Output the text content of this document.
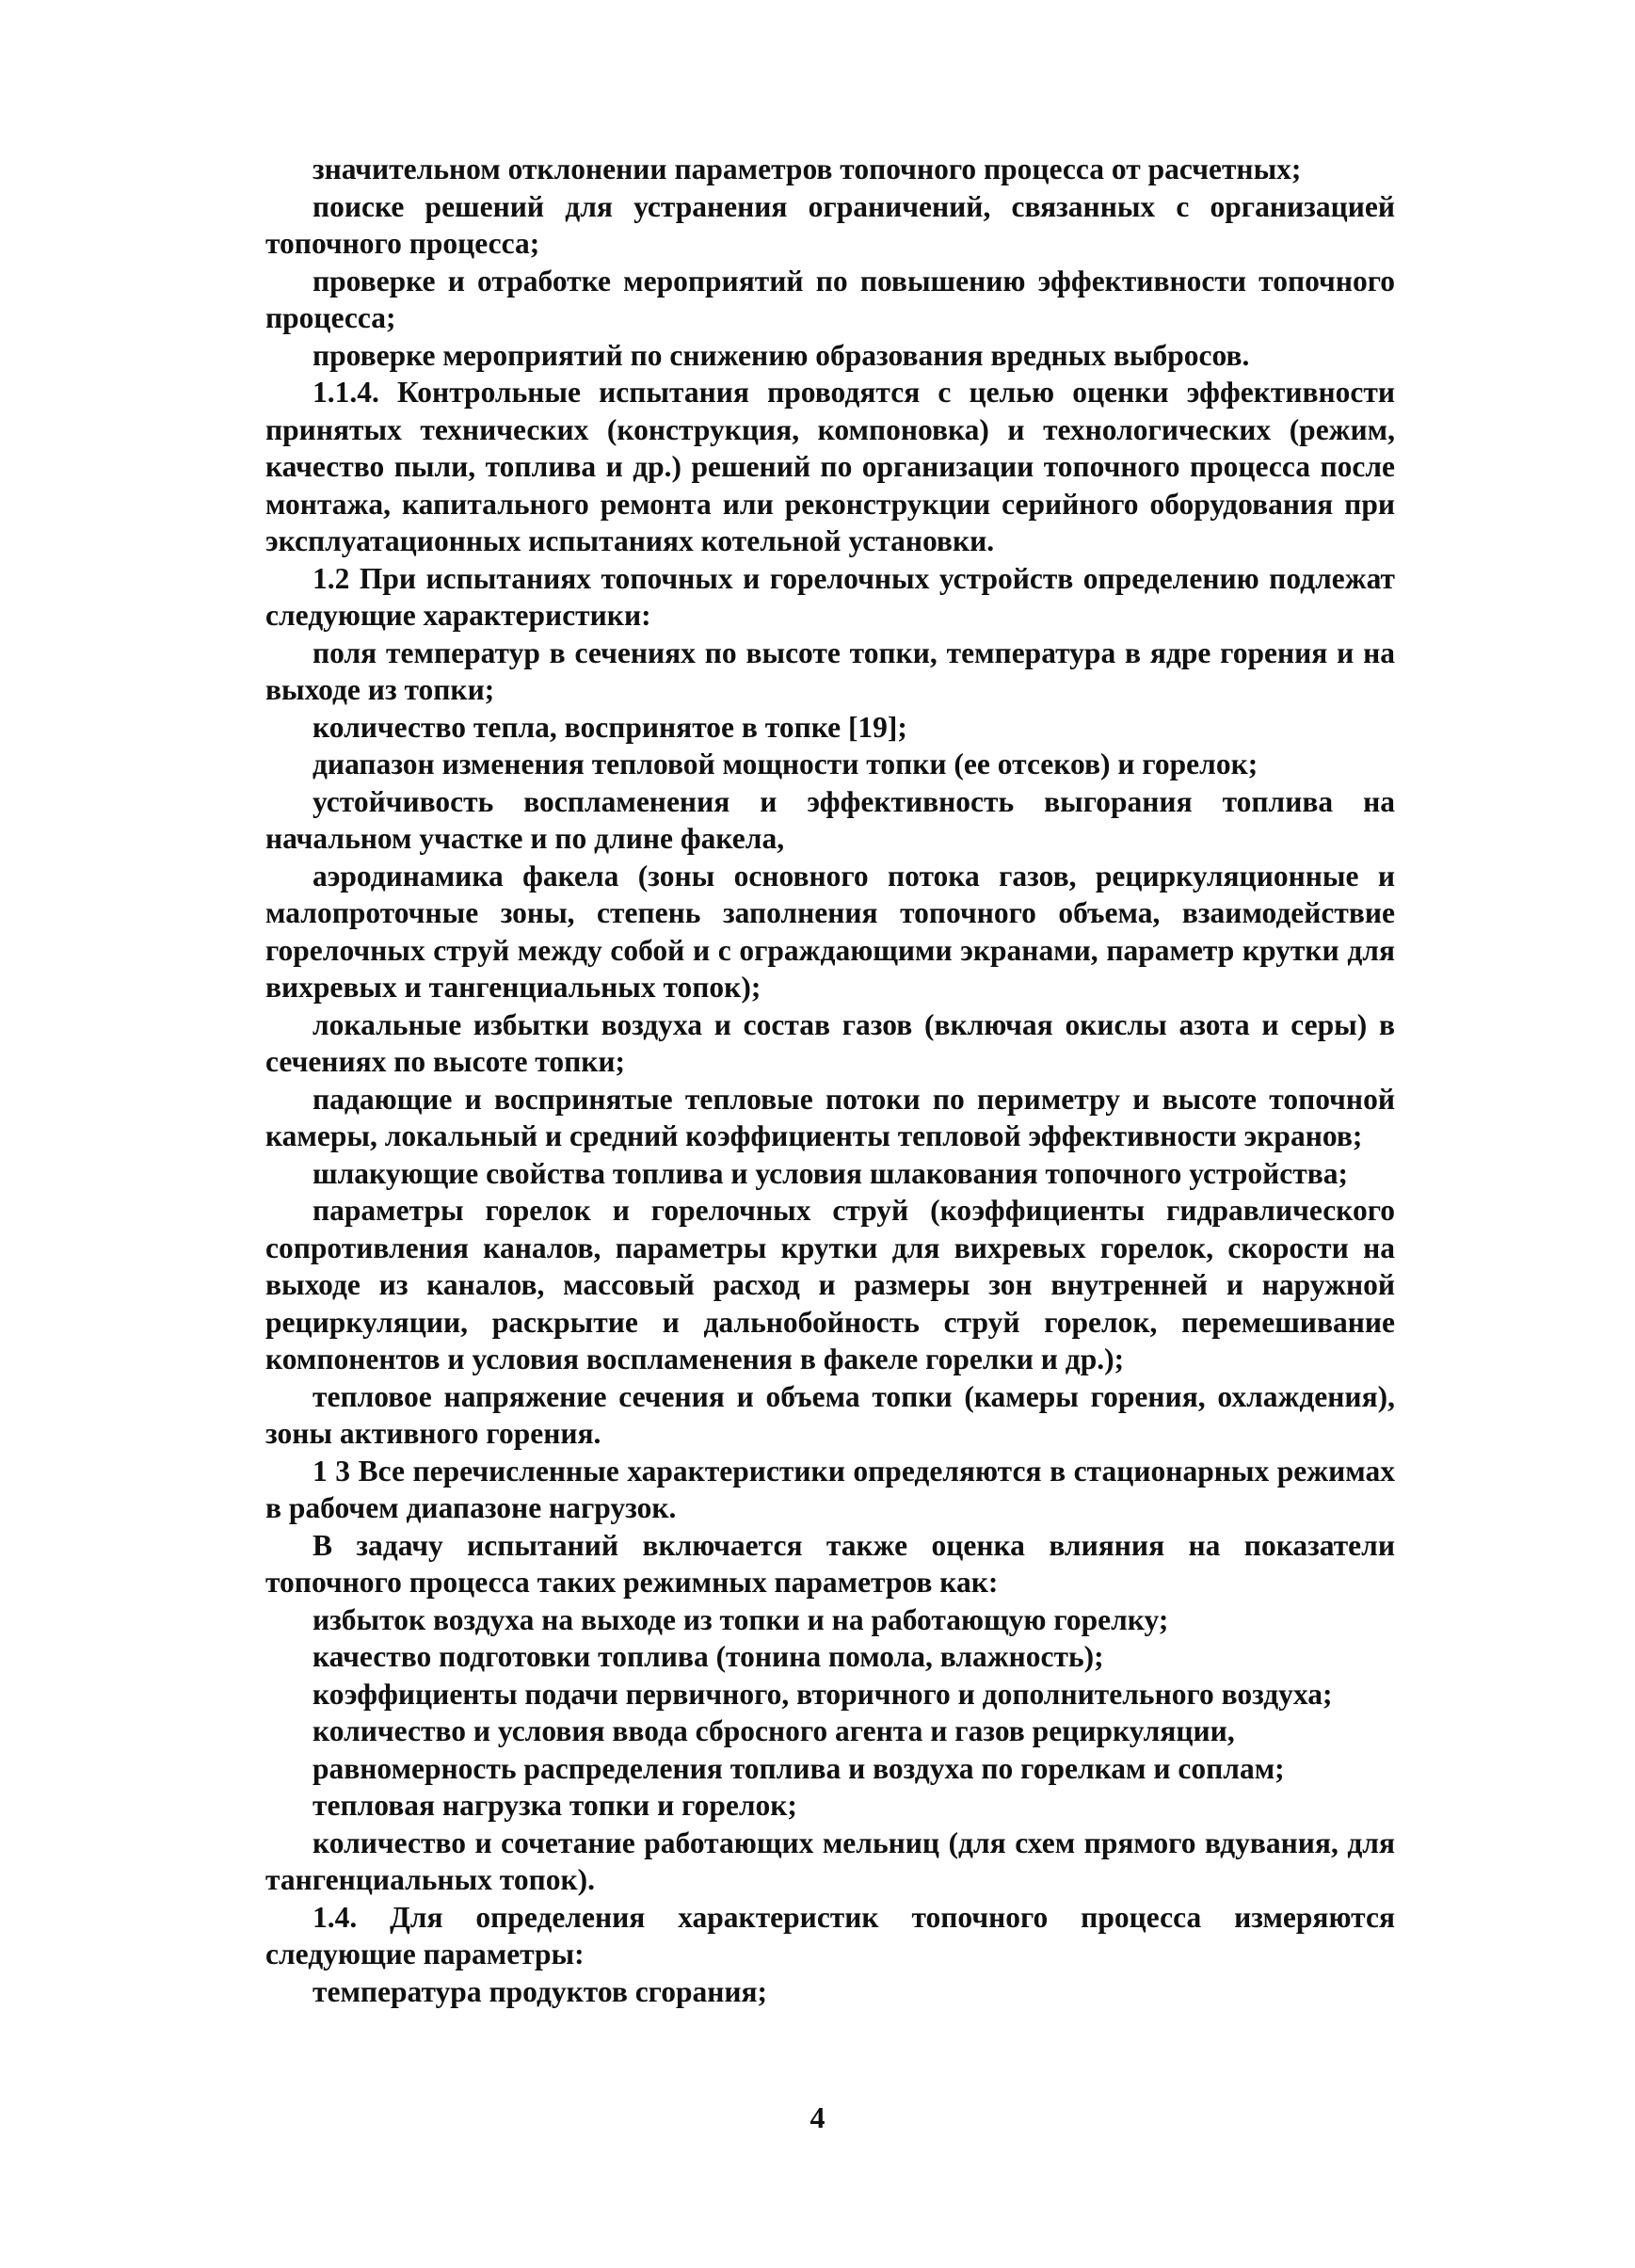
значительном отклонении параметров топочного процесса от расчетных;

поиске решений для устранения ограничений, связанных с организацией топочного процесса;

проверке и отработке мероприятий по повышению эффективности топочного процесса;

проверке мероприятий по снижению образования вредных выбросов.

1.1.4. Контрольные испытания проводятся с целью оценки эффективности принятых технических (конструкция, компоновка) и технологических (режим, качество пыли, топлива и др.) решений по организации топочного процесса после монтажа, капитального ремонта или реконструкции серийного оборудования при эксплуатационных испытаниях котельной установки.

1.2 При испытаниях топочных и горелочных устройств определению подлежат следующие характеристики:

поля температур в сечениях по высоте топки, температура в ядре горения и на выходе из топки;

количество тепла, воспринятое в топке [19];

диапазон изменения тепловой мощности топки (ее отсеков) и горелок;

устойчивость воспламенения и эффективность выгорания топлива на начальном участке и по длине факела,

аэродинамика факела (зоны основного потока газов, рециркуляционные и малопроточные зоны, степень заполнения топочного объема, взаимодействие горелочных струй между собой и с ограждающими экранами, параметр крутки для вихревых и тангенциальных топок);

локальные избытки воздуха и состав газов (включая окислы азота и серы) в сечениях по высоте топки;

падающие и воспринятые тепловые потоки по периметру и высоте топочной камеры, локальный и средний коэффициенты тепловой эффективности экранов;

шлакующие свойства топлива и условия шлакования топочного устройства;

параметры горелок и горелочных струй (коэффициенты гидравлического сопротивления каналов, параметры крутки для вихревых горелок, скорости на выходе из каналов, массовый расход и размеры зон внутренней и наружной рециркуляции, раскрытие и дальнобойность струй горелок, перемешивание компонентов и условия воспламенения в факеле горелки и др.);

тепловое напряжение сечения и объема топки (камеры горения, охлаждения), зоны активного горения.

1 3 Все перечисленные характеристики определяются в стационарных режимах в рабочем диапазоне нагрузок.

В задачу испытаний включается также оценка влияния на показатели топочного процесса таких режимных параметров как:

избыток воздуха на выходе из топки и на работающую горелку;

качество подготовки топлива (тонина помола, влажность);

коэффициенты подачи первичного, вторичного и дополнительного воздуха;

количество и условия ввода сбросного агента и газов рециркуляции,

равномерность распределения топлива и воздуха по горелкам и соплам;

тепловая нагрузка топки и горелок;

количество и сочетание работающих мельниц (для схем прямого вдувания, для тангенциальных топок).

1.4. Для определения характеристик топочного процесса измеряются следующие параметры:

температура продуктов сгорания;

4
